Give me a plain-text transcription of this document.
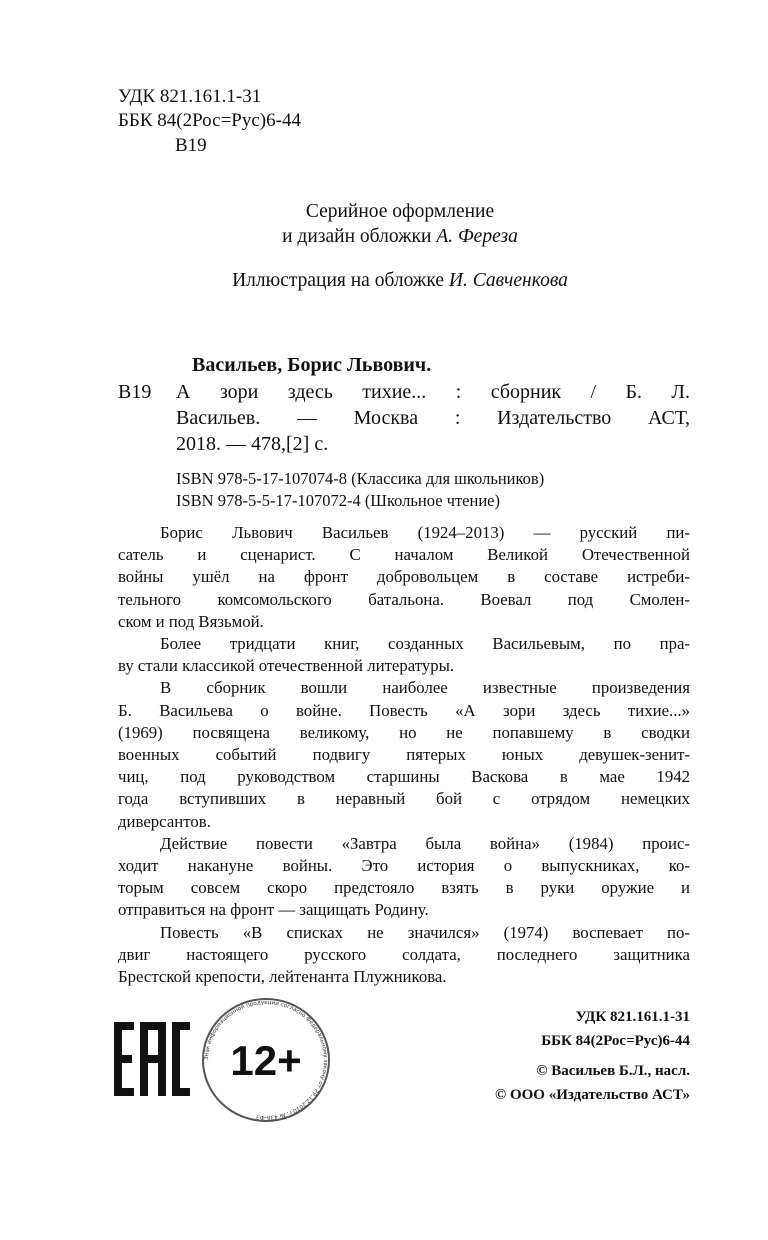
УДК 821.161.1-31
ББК 84(2Рос=Рус)6-44
В19
Серийное оформление
и дизайн обложки А. Фереза
Иллюстрация на обложке И. Савченкова
Васильев, Борис Львович.
В19 А зори здесь тихие... : сборник / Б. Л.
Васильев. — Москва : Издательство АСТ,
2018. — 478,[2] с.
ISBN 978-5-17-107074-8 (Классика для школьников)
ISBN 978-5-5-17-107072-4 (Школьное чтение)
Борис Львович Васильев (1924–2013) — русский пи-
сатель и сценарист. С началом Великой Отечественной
войны ушёл на фронт добровольцем в составе истреби-
тельного комсомольского батальона. Воевал под Смолен-
ском и под Вязьмой.
Более тридцати книг, созданных Васильевым, по пра-
ву стали классикой отечественной литературы.
В сборник вошли наиболее известные произведения
Б. Васильева о войне. Повесть «А зори здесь тихие...»
(1969) посвящена великому, но не попавшему в сводки
военных событий подвигу пятерых юных девушек-зенит-
чиц, под руководством старшины Васкова в мае 1942
года вступивших в неравный бой с отрядом немецких
диверсантов.
Действие повести «Завтра была война» (1984) проис-
ходит накануне войны. Это история о выпускниках, ко-
торым совсем скоро предстояло взять в руки оружие и
отправиться на фронт — защищать Родину.
Повесть «В списках не значился» (1974) воспевает по-
двиг настоящего русского солдата, последнего защитника
Брестской крепости, лейтенанта Плужникова.
УДК 821.161.1-31
ББК 84(2Рос=Рус)6-44
© Васильев Б.Л., насл.
© ООО «Издательство АСТ»
Знак информационной продукции согласно Федеральному закону от 29.12.2010 г. № 436-ФЗ
12+
